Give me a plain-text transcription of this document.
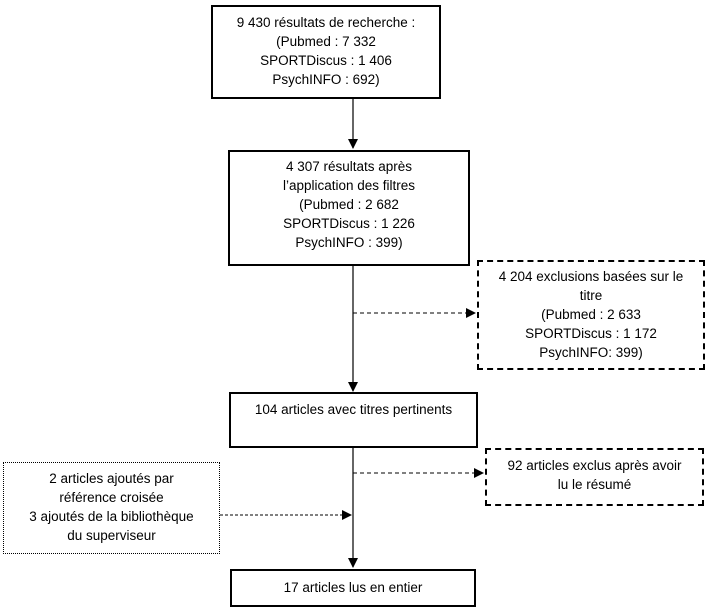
9 430 résultats de recherche :
(Pubmed : 7 332
SPORTDiscus : 1 406
PsychINFO : 692)
4 307 résultats après
l’application des filtres
(Pubmed : 2 682
SPORTDiscus : 1 226
PsychINFO : 399)
4 204 exclusions basées sur le
titre
(Pubmed : 2 633
SPORTDiscus : 1 172
PsychINFO: 399)
104 articles avec titres pertinents
92 articles exclus après avoir
lu le résumé
2 articles ajoutés par
référence croisée
3 ajoutés de la bibliothèque
du superviseur
17 articles lus en entier
